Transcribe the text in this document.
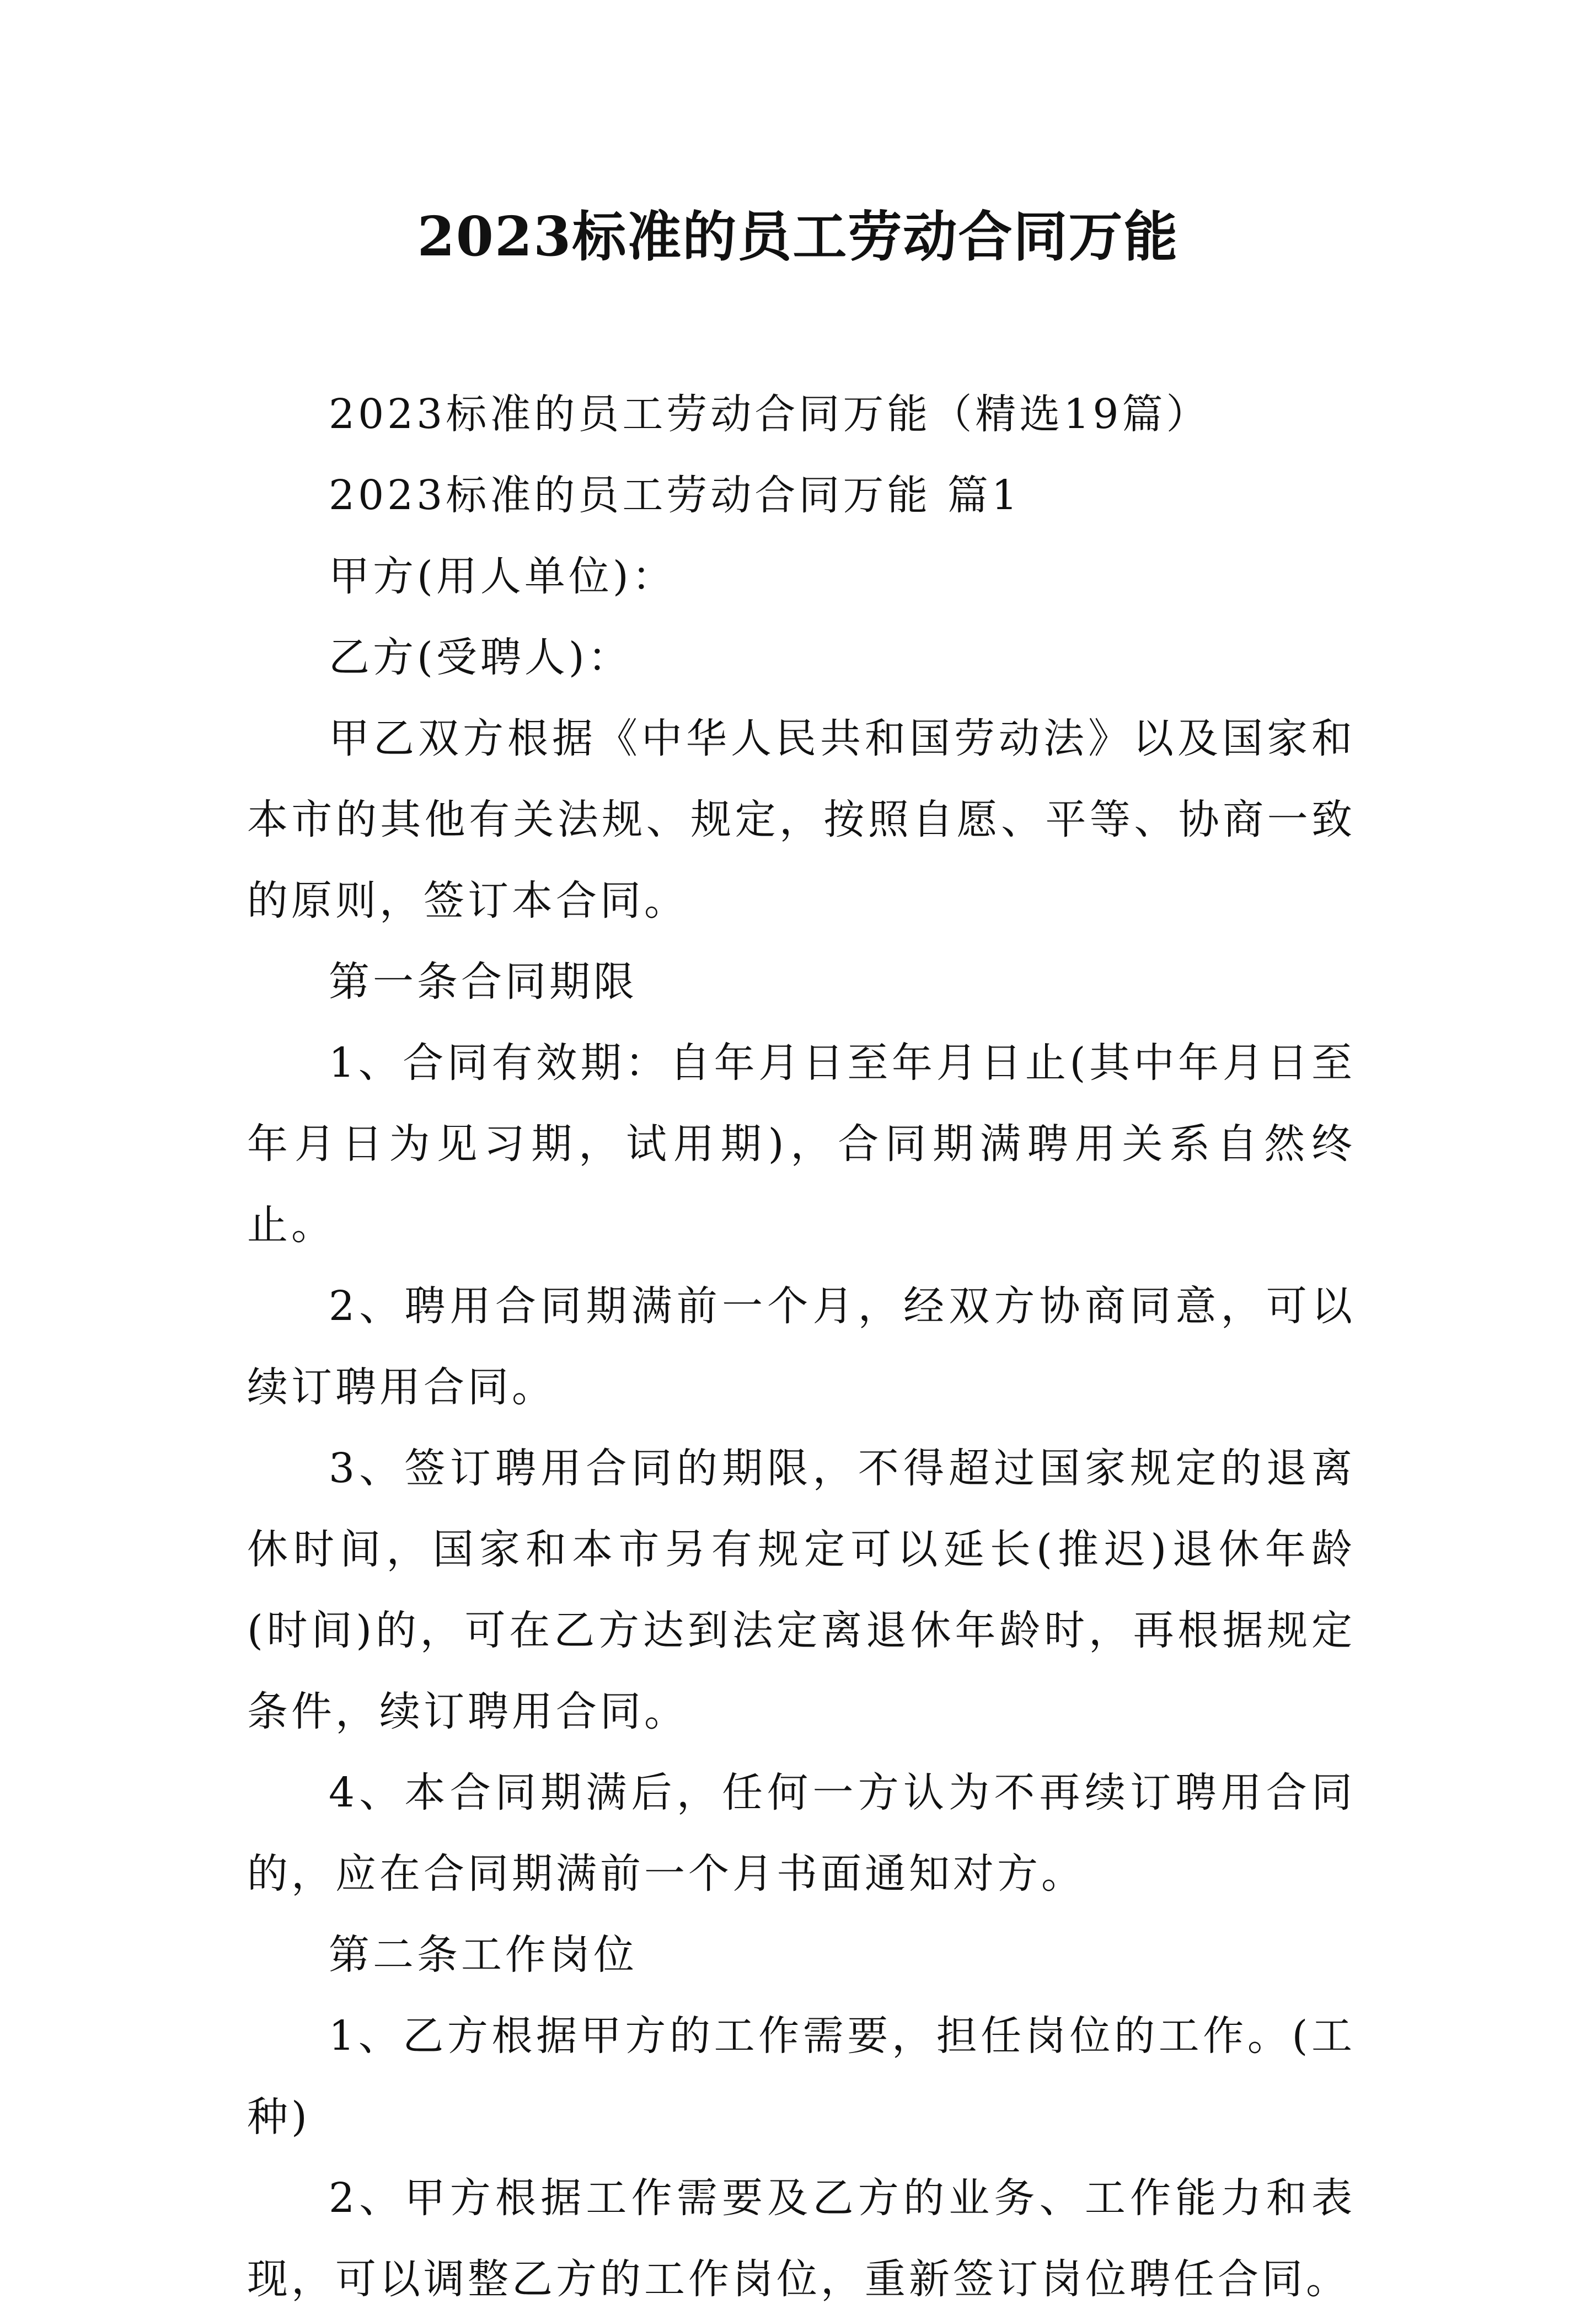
2023标准的员工劳动合同万能

2023标准的员工劳动合同万能（精选19篇）

2023标准的员工劳动合同万能 篇1

甲方(用人单位)：

乙方(受聘人)：

甲乙双方根据《中华人民共和国劳动法》以及国家和本市的其他有关法规、规定，按照自愿、平等、协商一致的原则，签订本合同。

第一条合同期限

1、合同有效期：自年月日至年月日止(其中年月日至年月日为见习期，试用期)，合同期满聘用关系自然终止。

2、聘用合同期满前一个月，经双方协商同意，可以续订聘用合同。

3、签订聘用合同的期限，不得超过国家规定的退离休时间，国家和本市另有规定可以延长(推迟)退休年龄(时间)的，可在乙方达到法定离退休年龄时，再根据规定条件，续订聘用合同。

4、本合同期满后，任何一方认为不再续订聘用合同的，应在合同期满前一个月书面通知对方。

第二条工作岗位

1、乙方根据甲方的工作需要，担任岗位的工作。(工种)

2、甲方根据工作需要及乙方的业务、工作能力和表现，可以调整乙方的工作岗位，重新签订岗位聘任合同。
